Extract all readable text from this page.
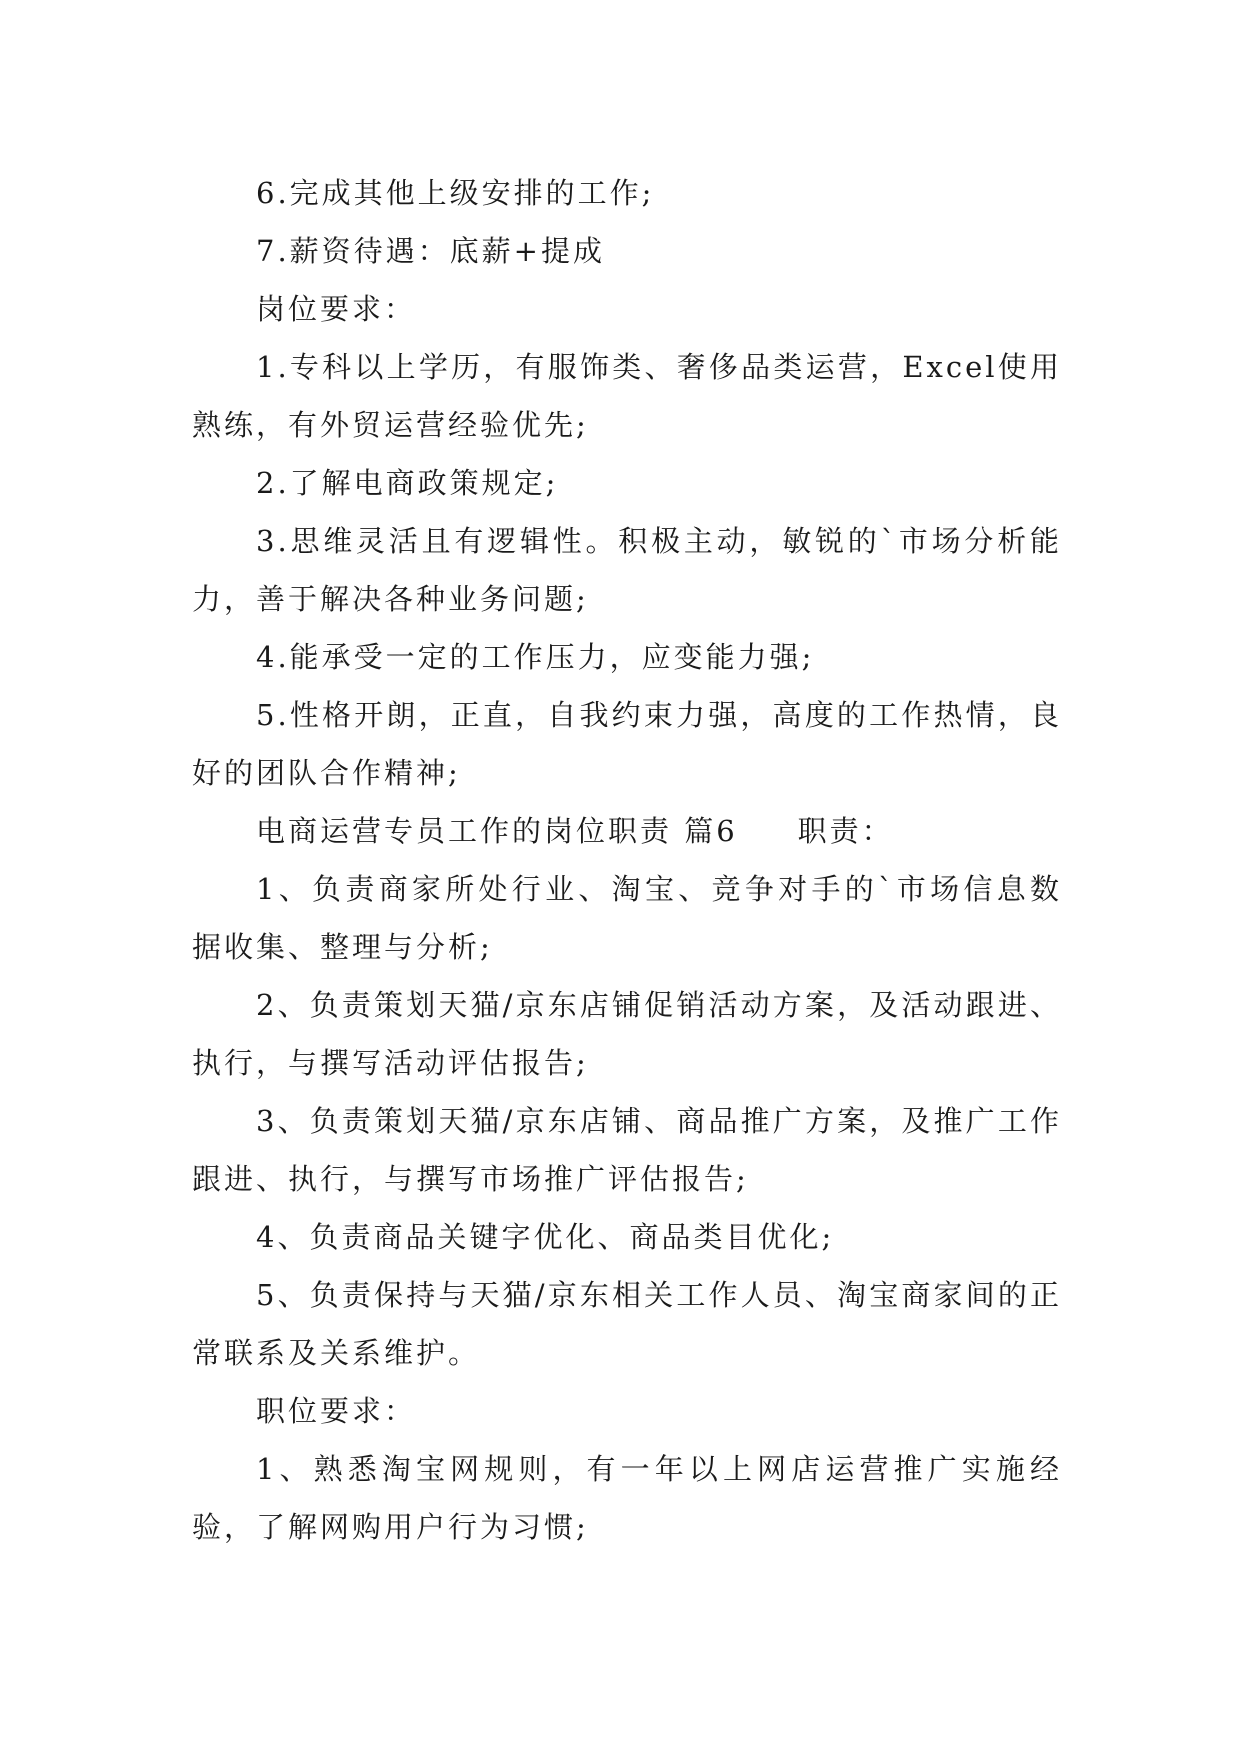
6.完成其他上级安排的工作;

7.薪资待遇：底薪+提成

岗位要求：

1.专科以上学历，有服饰类、奢侈品类运营，Excel使用熟练，有外贸运营经验优先;

2.了解电商政策规定;

3.思维灵活且有逻辑性。积极主动，敏锐的`市场分析能力，善于解决各种业务问题;

4.能承受一定的工作压力，应变能力强;

5.性格开朗，正直，自我约束力强，高度的工作热情，良好的团队合作精神;

电商运营专员工作的岗位职责 篇6 职责：

1、负责商家所处行业、淘宝、竞争对手的`市场信息数据收集、整理与分析;

2、负责策划天猫/京东店铺促销活动方案，及活动跟进、执行，与撰写活动评估报告;

3、负责策划天猫/京东店铺、商品推广方案，及推广工作跟进、执行，与撰写市场推广评估报告;

4、负责商品关键字优化、商品类目优化;

5、负责保持与天猫/京东相关工作人员、淘宝商家间的正常联系及关系维护。

职位要求：

1、熟悉淘宝网规则，有一年以上网店运营推广实施经验，了解网购用户行为习惯;
